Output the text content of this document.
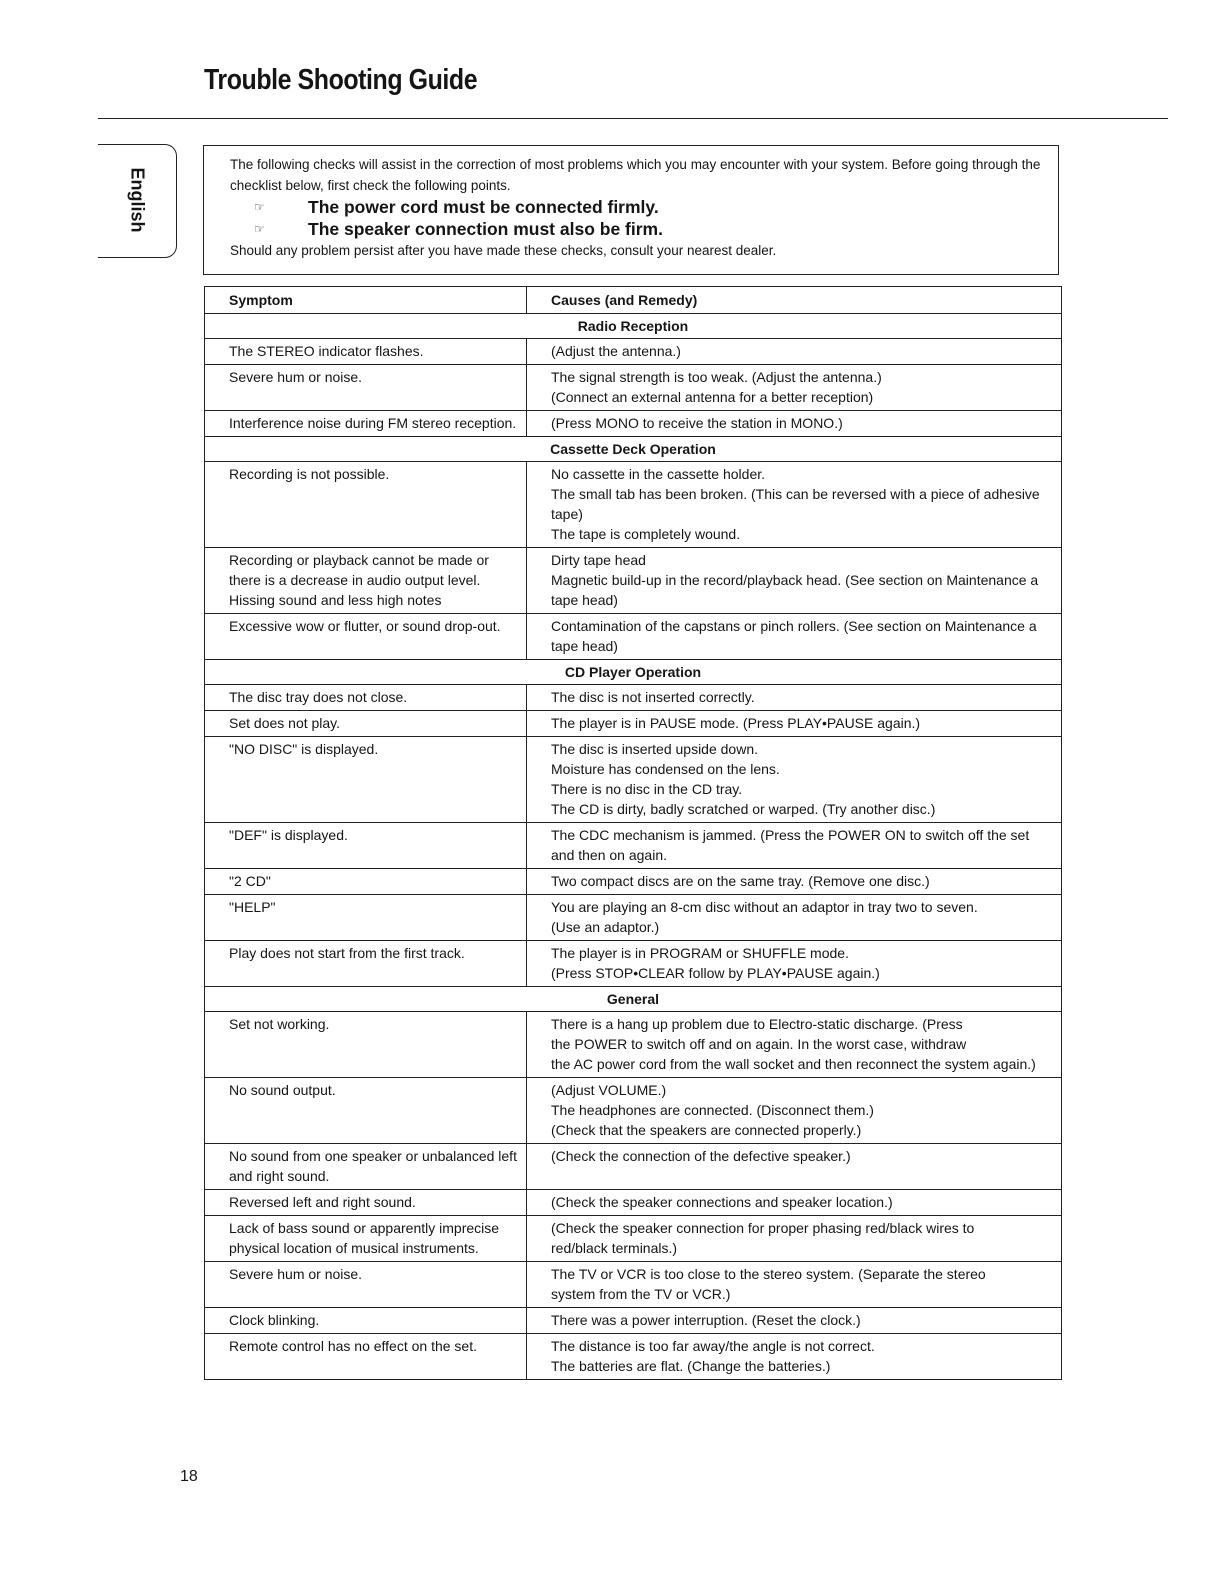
Trouble Shooting Guide
English

The following checks will assist in the correction of most problems which you may encounter with your system. Before going through the checklist below, first check the following points.

☞	The power cord must be connected firmly.

☞	The speaker connection must also be firm.

Should any problem persist after you have made these checks, consult your nearest dealer.

Symptom	Causes (and Remedy)
Radio Reception	

The STEREO indicator flashes.	(Adjust the antenna.)

Severe hum or noise.	The signal strength is too weak. (Adjust the antenna.)
(Connect an external antenna for a better reception)

Interference noise during FM stereo reception.	(Press MONO to receive the station in MONO.)

Cassette Deck Operation	

Recording is not possible.	No cassette in the cassette holder.
The small tab has been broken. (This can be reversed with a piece of adhesive tape)
The tape is completely wound.

Recording or playback cannot be made or
there is a decrease in audio output level.
Hissing sound and less high notes	Dirty tape head
Magnetic build-up in the record/playback head. (See section on Maintenance a tape head)

Excessive wow or flutter, or sound drop-out.	Contamination of the capstans or pinch rollers. (See section on Maintenance a tape head)

CD Player Operation	

The disc tray does not close.	The disc is not inserted correctly.

Set does not play.	The player is in PAUSE mode. (Press PLAY•PAUSE again.)

"NO DISC" is displayed.	The disc is inserted upside down.
Moisture has condensed on the lens.
There is no disc in the CD tray.
The CD is dirty, badly scratched or warped. (Try another disc.)

"DEF" is displayed.	The CDC mechanism is jammed. (Press the POWER ON to switch off the set and then on again.

"2 CD"	Two compact discs are on the same tray. (Remove one disc.)

"HELP"	You are playing an 8-cm disc without an adaptor in tray two to seven.
(Use an adaptor.)

Play does not start from the first track.	The player is in PROGRAM or SHUFFLE mode.
(Press STOP•CLEAR follow by PLAY•PAUSE again.)

General	

Set not working.	There is a hang up problem due to Electro-static discharge. (Press
the POWER to switch off and on again. In the worst case, withdraw
the AC power cord from the wall socket and then reconnect the system again.)

No sound output.	(Adjust VOLUME.)
The headphones are connected. (Disconnect them.)
(Check that the speakers are connected properly.)

No sound from one speaker or unbalanced left
and right sound.	(Check the connection of the defective speaker.)

Reversed left and right sound.	(Check the speaker connections and speaker location.)

Lack of bass sound or apparently imprecise
physical location of musical instruments.	(Check the speaker connection for proper phasing red/black wires to
red/black terminals.)

Severe hum or noise.	The TV or VCR is too close to the stereo system. (Separate the stereo
system from the TV or VCR.)

Clock blinking.	There was a power interruption. (Reset the clock.)

Remote control has no effect on the set.	The distance is too far away/the angle is not correct.
The batteries are flat. (Change the batteries.)
18
